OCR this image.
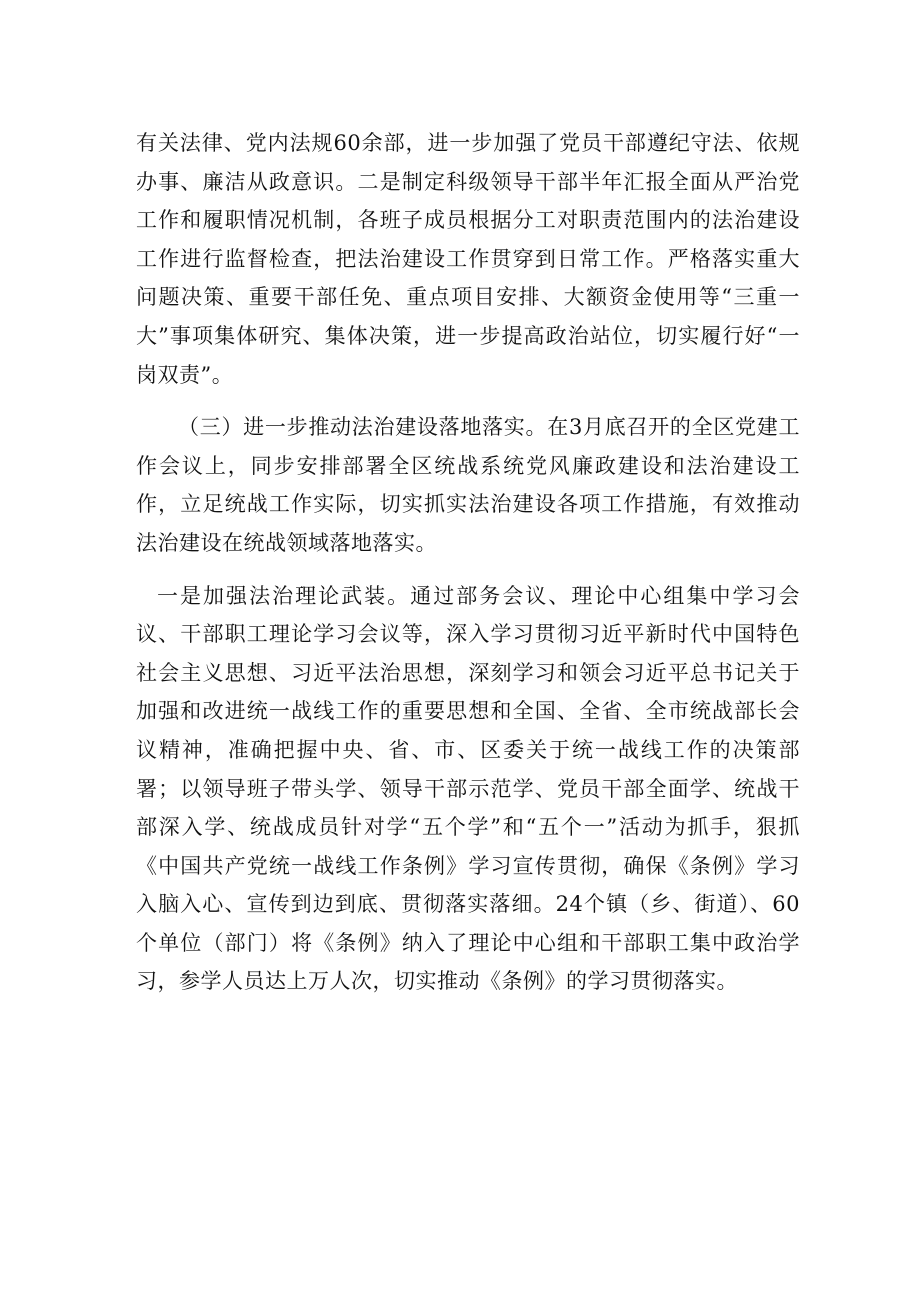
有关法律、党内法规60余部，进一步加强了党员干部遵纪守法、依规办事、廉洁从政意识。二是制定科级领导干部半年汇报全面从严治党工作和履职情况机制，各班子成员根据分工对职责范围内的法治建设工作进行监督检查，把法治建设工作贯穿到日常工作。严格落实重大问题决策、重要干部任免、重点项目安排、大额资金使用等“三重一大”事项集体研究、集体决策，进一步提高政治站位，切实履行好“一岗双责”。

（三）进一步推动法治建设落地落实。在3月底召开的全区党建工作会议上，同步安排部署全区统战系统党风廉政建设和法治建设工作，立足统战工作实际，切实抓实法治建设各项工作措施，有效推动法治建设在统战领域落地落实。

一是加强法治理论武装。通过部务会议、理论中心组集中学习会议、干部职工理论学习会议等，深入学习贯彻习近平新时代中国特色社会主义思想、习近平法治思想，深刻学习和领会习近平总书记关于加强和改进统一战线工作的重要思想和全国、全省、全市统战部长会议精神，准确把握中央、省、市、区委关于统一战线工作的决策部署；以领导班子带头学、领导干部示范学、党员干部全面学、统战干部深入学、统战成员针对学“五个学”和“五个一”活动为抓手，狠抓《中国共产党统一战线工作条例》学习宣传贯彻，确保《条例》学习入脑入心、宣传到边到底、贯彻落实落细。24个镇（乡、街道）、60个单位（部门）将《条例》纳入了理论中心组和干部职工集中政治学习，参学人员达上万人次，切实推动《条例》的学习贯彻落实。
